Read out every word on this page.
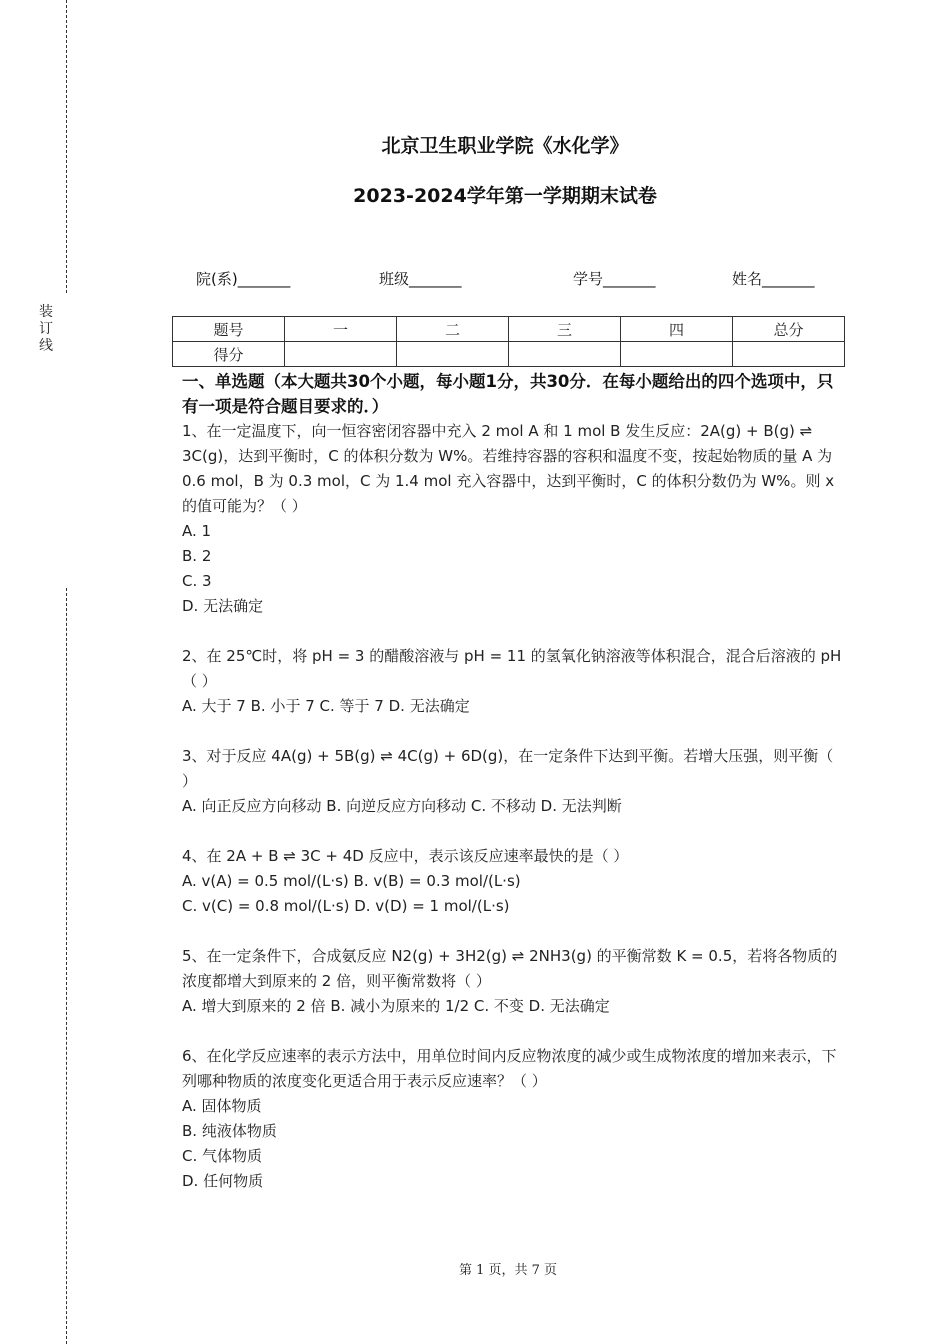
装
订
线
北京卫生职业学院《水化学》
2023-2024学年第一学期期末试卷
院(系)_______	班级_______	学号_______	姓名_______
题号	一	二	三	四	总分
得分					

一、单选题（本大题共30个小题，每小题1分，共30分．在每小题给出的四个选项中，只有一项是符合题目要求的．）

1、在一定温度下，向一恒容密闭容器中充入 2 mol A 和 1 mol B 发生反应：2A(g) + B(g) ⇌ 3C(g)，达到平衡时，C 的体积分数为 W%。若维持容器的容积和温度不变，按起始物质的量 A 为 0.6 mol，B 为 0.3 mol，C 为 1.4 mol 充入容器中，达到平衡时，C 的体积分数仍为 W%。则 x 的值可能为？（ ）

A. 1

B. 2

C. 3

D. 无法确定

2、在 25℃时，将 pH = 3 的醋酸溶液与 pH = 11 的氢氧化钠溶液等体积混合，混合后溶液的 pH（ ）

A. 大于 7 B. 小于 7 C. 等于 7 D. 无法确定

3、对于反应 4A(g) + 5B(g) ⇌ 4C(g) + 6D(g)，在一定条件下达到平衡。若增大压强，则平衡（ ）

A. 向正反应方向移动 B. 向逆反应方向移动 C. 不移动 D. 无法判断

4、在 2A + B ⇌ 3C + 4D 反应中，表示该反应速率最快的是（ ）

A. v(A) = 0.5 mol/(L·s) B. v(B) = 0.3 mol/(L·s)

C. v(C) = 0.8 mol/(L·s) D. v(D) = 1 mol/(L·s)

5、在一定条件下，合成氨反应 N2(g) + 3H2(g) ⇌ 2NH3(g) 的平衡常数 K = 0.5，若将各物质的浓度都增大到原来的 2 倍，则平衡常数将（ ）

A. 增大到原来的 2 倍 B. 减小为原来的 1/2 C. 不变 D. 无法确定

6、在化学反应速率的表示方法中，用单位时间内反应物浓度的减少或生成物浓度的增加来表示，下列哪种物质的浓度变化更适合用于表示反应速率？（ ）

A. 固体物质

B. 纯液体物质

C. 气体物质

D. 任何物质

第 1 页，共 7 页
